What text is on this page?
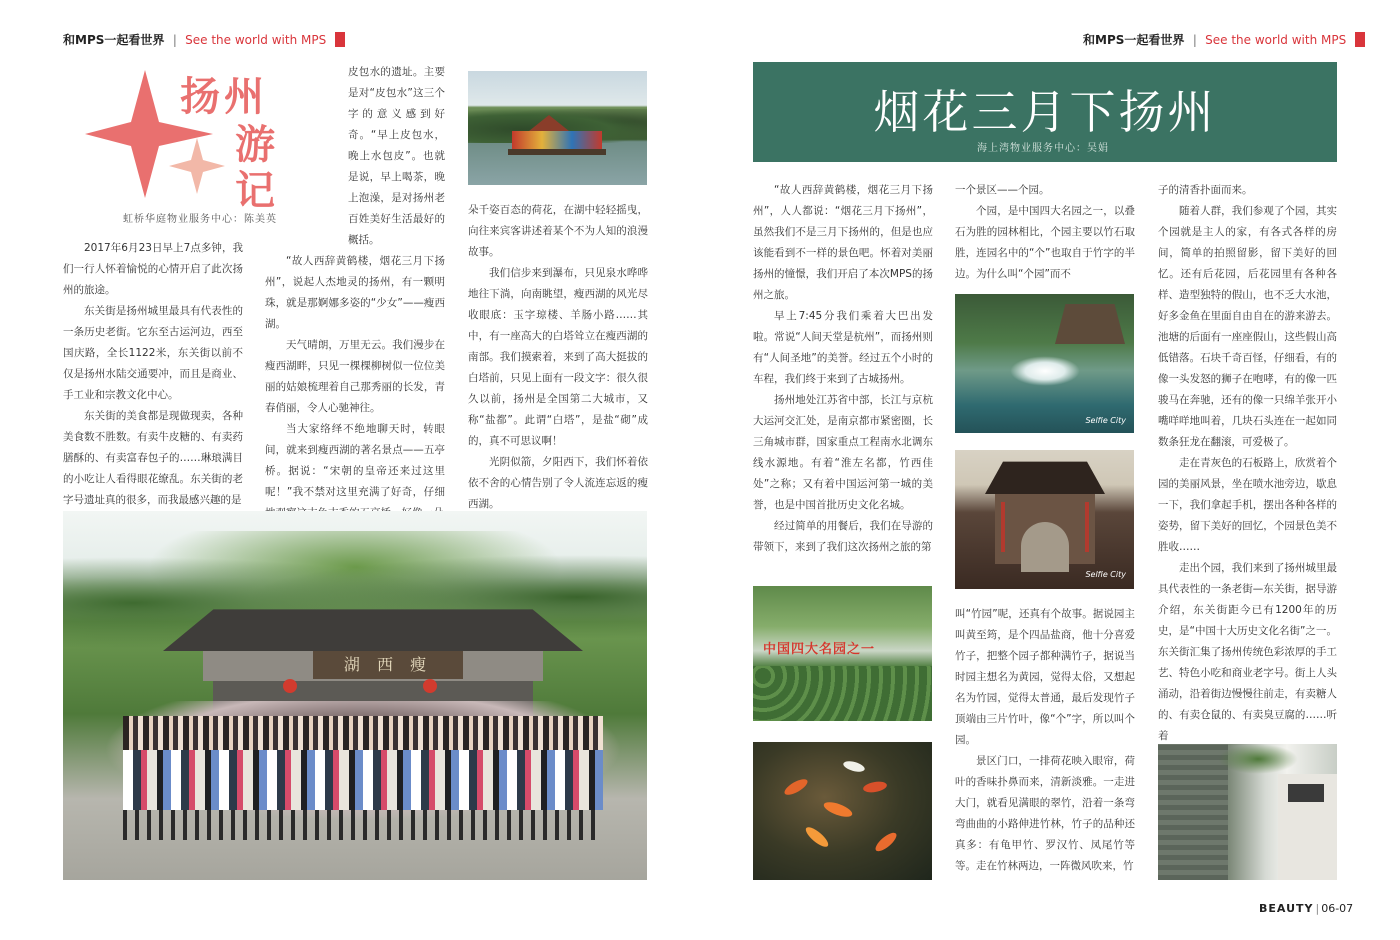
和MPS一起看世界 | See the world with MPS	和MPS一起看世界 | See the world with MPS
扬州
游记
虹桥华庭物业服务中心：陈美英

2017年6月23日早上7点多钟，我们一行人怀着愉悦的心情开启了此次扬州的旅途。

东关街是扬州城里最具有代表性的一条历史老街。它东至古运河边，西至国庆路，全长1122米，东关街以前不仅是扬州水陆交通要冲，而且是商业、手工业和宗教文化中心。

东关街的美食都是现做现卖，各种美食数不胜数。有卖牛皮糖的、有卖药膳酥的、有卖富春包子的……琳琅满目的小吃让人看得眼花缭乱。东关街的老字号遗址真的很多，而我最感兴趣的是

皮包水的遗址。主要是对“皮包水”这三个字的意义感到好奇。“早上皮包水，晚上水包皮”。也就是说，早上喝茶，晚上泡澡，是对扬州老百姓美好生活最好的概括。

“故人西辞黄鹤楼，烟花三月下扬州”，说起人杰地灵的扬州，有一颗明珠，就是那婀娜多姿的“少女”——瘦西湖。

天气晴朗，万里无云。我们漫步在瘦西湖畔，只见一棵棵柳树似一位位美丽的姑娘梳理着自己那秀丽的长发，青春俏丽，令人心驰神往。

当大家络绎不绝地聊天时，转眼间，就来到瘦西湖的著名景点——五亭桥。据说：“宋朝的皇帝还来过这里呢！”我不禁对这里充满了好奇，仔细

朵千姿百态的荷花，在湖中轻轻摇曳，向往来宾客讲述着某个不为人知的浪漫故事。

我们信步来到瀑布，只见泉水哗哗地往下淌，向南眺望，瘦西湖的风光尽收眼底：玉字琼楼、羊肠小路……其中，有一座高大的白塔耸立在瘦西湖的南部。我们摸索着，来到了高大挺拔的白塔前，只见上面有一段文字：很久很久以前，扬州是全国第二大城市，又称“盐都”。此谓“白塔”，是盐“砌”成的，真不可思议啊！

光阴似箭，夕阳西下，我们怀着依依不舍的心情告别了令人流连忘返的瘦西湖。

湖 西 瘦
烟花三月下扬州
海上湾物业服务中心：吴娟

“故人西辞黄鹤楼，烟花三月下扬州”，人人都说：“烟花三月下扬州”，虽然我们不是三月下扬州的，但是也应该能看到不一样的景色吧。怀着对美丽扬州的憧憬，我们开启了本次MPS的扬州之旅。

早上7:45分我们乘着大巴出发啦。常说“人间天堂是杭州”，而扬州则有“人间圣地”的美誉。经过五个小时的车程，我们终于来到了古城扬州。

扬州地处江苏省中部，长江与京杭大运河交汇处，是南京都市紧密圈，长三角城市群，国家重点工程南水北调东线水源地。有着“淮左名都，竹西佳处”之称；又有着中国运河第一城的美誉，也是中国首批历史文化名城。

经过简单的用餐后，我们在导游的带领下，来到了我们这次扬州之旅的第

一个景区——个园。

个园，是中国四大名园之一，以叠石为胜的园林相比，个园主要以竹石取胜，连园名中的“个”也取自于竹字的半边。为什么叫“个园”而不

叫“竹园”呢，还真有个故事。据说园主叫黄至筠，是个四品盐商，他十分喜爱竹子，把整个园子都种满竹子，据说当时园主想名为黄园，觉得太俗，又想起名为竹园，觉得太普通，最后发现竹子顶端由三片竹叶，像“个”字，所以叫个园。

景区门口，一排荷花映入眼帘，荷叶的香味扑鼻而来，清新淡雅。一走进大门，就看见满眼的翠竹，沿着一条弯弯曲曲的小路伸进竹林，竹子的品种还真多：有龟甲竹、罗汉竹、凤尾竹等等。走在竹林两边，一阵微风吹来，竹

子的清香扑面而来。

随着人群，我们参观了个园，其实个园就是主人的家，有各式各样的房间，简单的拍照留影，留下美好的回忆。还有后花园，后花园里有各种各样、造型独特的假山，也不乏大水池，好多金鱼在里面自由自在的游来游去。池塘的后面有一座座假山，这些假山高低错落。石块千奇百怪，仔细看，有的像一头发怒的狮子在咆哮，有的像一匹骏马在奔驰，还有的像一只绵羊张开小嘴咩咩地叫着，几块石头连在一起如同数条狂龙在翻滚，可爱极了。

走在青灰色的石板路上，欣赏着个园的美丽风景，坐在喷水池旁边，歇息一下，我们拿起手机，摆出各种各样的姿势，留下美好的回忆，个园景色美不胜收……

走出个园，我们来到了扬州城里最具代表性的一条老街—东关街，据导游介绍，东关街距今已有1200年的历史，是“中国十大历史文化名街”之一。东关街汇集了扬州传统色彩浓厚的手工艺、特色小吃和商业老字号。街上人头涌动，沿着街边慢慢往前走，有卖糖人的、有卖仓鼠的、有卖臭豆腐的……听着

Selfie City
Selfie City
中国四大名园之一
BEAUTY | 06-07
